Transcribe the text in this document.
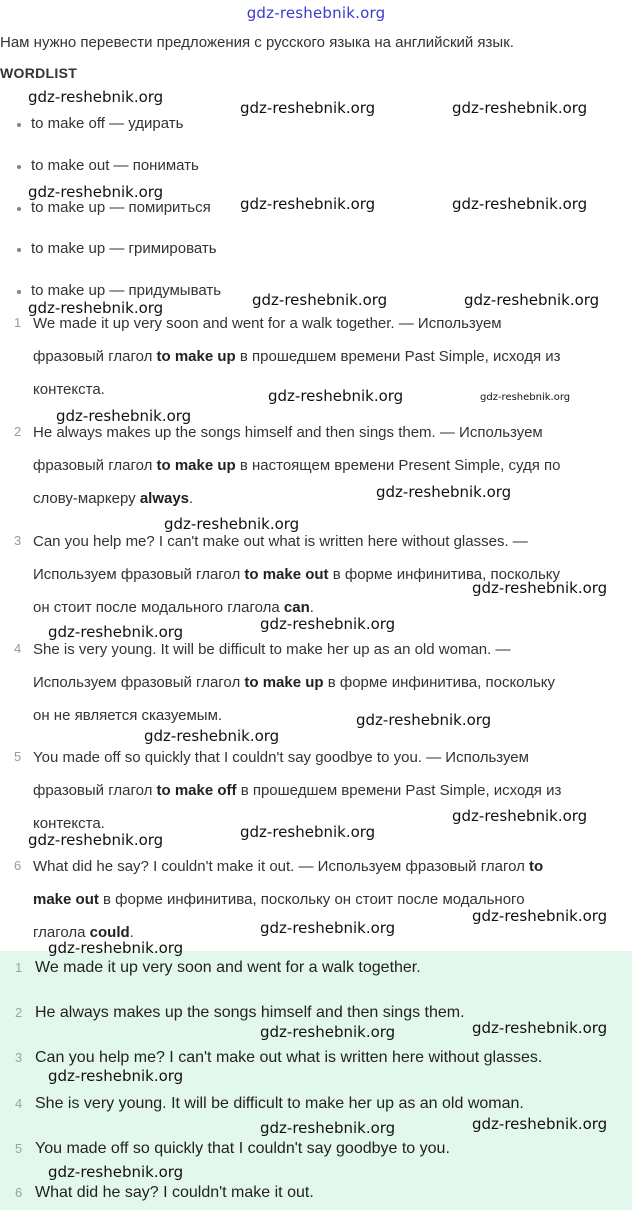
gdz-reshebnik.org
Нам нужно перевести предложения с русского языка на английский язык.
WORDLIST
to make off — удирать
to make out — понимать
to make up — помириться
to make up — гримировать
to make up — придумывать
1 We made it up very soon and went for a walk together. — Используем
фразовый глагол to make up в прошедшем времени Past Simple, исходя из
контекста.
2 He always makes up the songs himself and then sings them. — Используем
фразовый глагол to make up в настоящем времени Present Simple, судя по
слову-маркеру always.
3 Can you help me? I can't make out what is written here without glasses. —
Используем фразовый глагол to make out в форме инфинитива, поскольку
он стоит после модального глагола can.
4 She is very young. It will be difficult to make her up as an old woman. —
Используем фразовый глагол to make up в форме инфинитива, поскольку
он не является сказуемым.
5 You made off so quickly that I couldn't say goodbye to you. — Используем
фразовый глагол to make off в прошедшем времени Past Simple, исходя из
контекста.
6 What did he say? I couldn't make it out. — Используем фразовый глагол to
make out в форме инфинитива, поскольку он стоит после модального
глагола could.
1 We made it up very soon and went for a walk together.
2 He always makes up the songs himself and then sings them.
3 Can you help me? I can't make out what is written here without glasses.
4 She is very young. It will be difficult to make her up as an old woman.
5 You made off so quickly that I couldn't say goodbye to you.
6 What did he say? I couldn't make it out.
gdz-reshebnik.org
gdz-reshebnik.org	gdz-reshebnik.org
gdz-reshebnik.org
gdz-reshebnik.org	gdz-reshebnik.org
gdz-reshebnik.org	gdz-reshebnik.org
gdz-reshebnik.org
gdz-reshebnik.org	gdz-reshebnik.org
gdz-reshebnik.org
gdz-reshebnik.org
gdz-reshebnik.org
gdz-reshebnik.org
gdz-reshebnik.org
gdz-reshebnik.org
gdz-reshebnik.org
gdz-reshebnik.org
gdz-reshebnik.org
gdz-reshebnik.org
gdz-reshebnik.org
gdz-reshebnik.org
gdz-reshebnik.org
gdz-reshebnik.org
gdz-reshebnik.org
gdz-reshebnik.org
gdz-reshebnik.org
gdz-reshebnik.org
gdz-reshebnik.org
gdz-reshebnik.org
